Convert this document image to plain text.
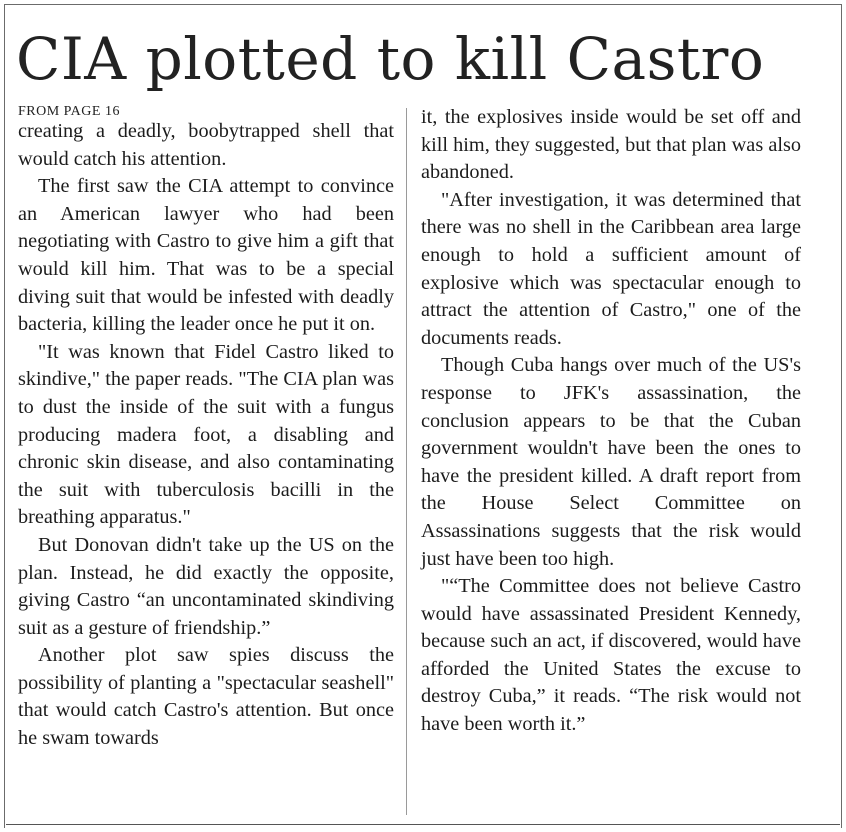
CIA plotted to kill Castro
FROM PAGE 16

creating a deadly, boobytrapped shell that would catch his attention.

The first saw the CIA attempt to convince an American lawyer who had been negotiating with Castro to give him a gift that would kill him. That was to be a special diving suit that would be infested with deadly bacteria, killing the leader once he put it on.

"It was known that Fidel Castro liked to skindive," the paper reads. "The CIA plan was to dust the inside of the suit with a fungus producing madera foot, a disabling and chronic skin disease, and also contaminating the suit with tuberculosis bacilli in the breathing apparatus."

But Donovan didn't take up the US on the plan. Instead, he did exactly the opposite, giving Castro “an uncontaminated skindiving suit as a gesture of friendship.”

Another plot saw spies discuss the possibility of planting a "spectacular seashell" that would catch Castro's attention. But once he swam towards

it, the explosives inside would be set off and kill him, they suggested, but that plan was also abandoned.

"After investigation, it was determined that there was no shell in the Caribbean area large enough to hold a sufficient amount of explosive which was spectacular enough to attract the attention of Castro," one of the documents reads.

Though Cuba hangs over much of the US's response to JFK's assassination, the conclusion appears to be that the Cuban government wouldn't have been the ones to have the president killed. A draft report from the House Select Committee on Assassinations suggests that the risk would just have been too high.

"“The Committee does not believe Castro would have assassinated President Kennedy, because such an act, if discovered, would have afforded the United States the excuse to destroy Cuba,” it reads. “The risk would not have been worth it.”
